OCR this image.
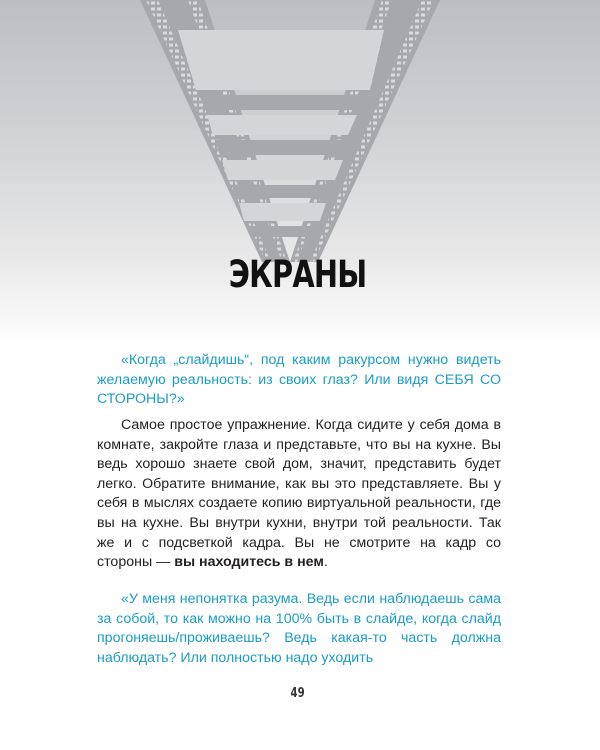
ЭКРАНЫ

«Когда „слайдишь“, под каким ракурсом нужно видеть желаемую реальность: из своих глаз? Или видя СЕБЯ СО СТОРОНЫ?»

Самое простое упражнение. Когда сидите у себя дома в комнате, закройте глаза и представьте, что вы на кухне. Вы ведь хорошо знаете свой дом, значит, представить будет легко. Обратите внимание, как вы это представляете. Вы у себя в мыслях создаете копию виртуальной реальности, где вы на кухне. Вы внутри кухни, внутри той реальности. Так же и с подсветкой кадра. Вы не смотрите на кадр со стороны — вы находитесь в нем.

«У меня непонятка разума. Ведь если наблюдаешь сама за собой, то как можно на 100% быть в слайде, когда слайд прогоняешь/проживаешь? Ведь какая-то часть должна наблюдать? Или полностью надо уходить

49
